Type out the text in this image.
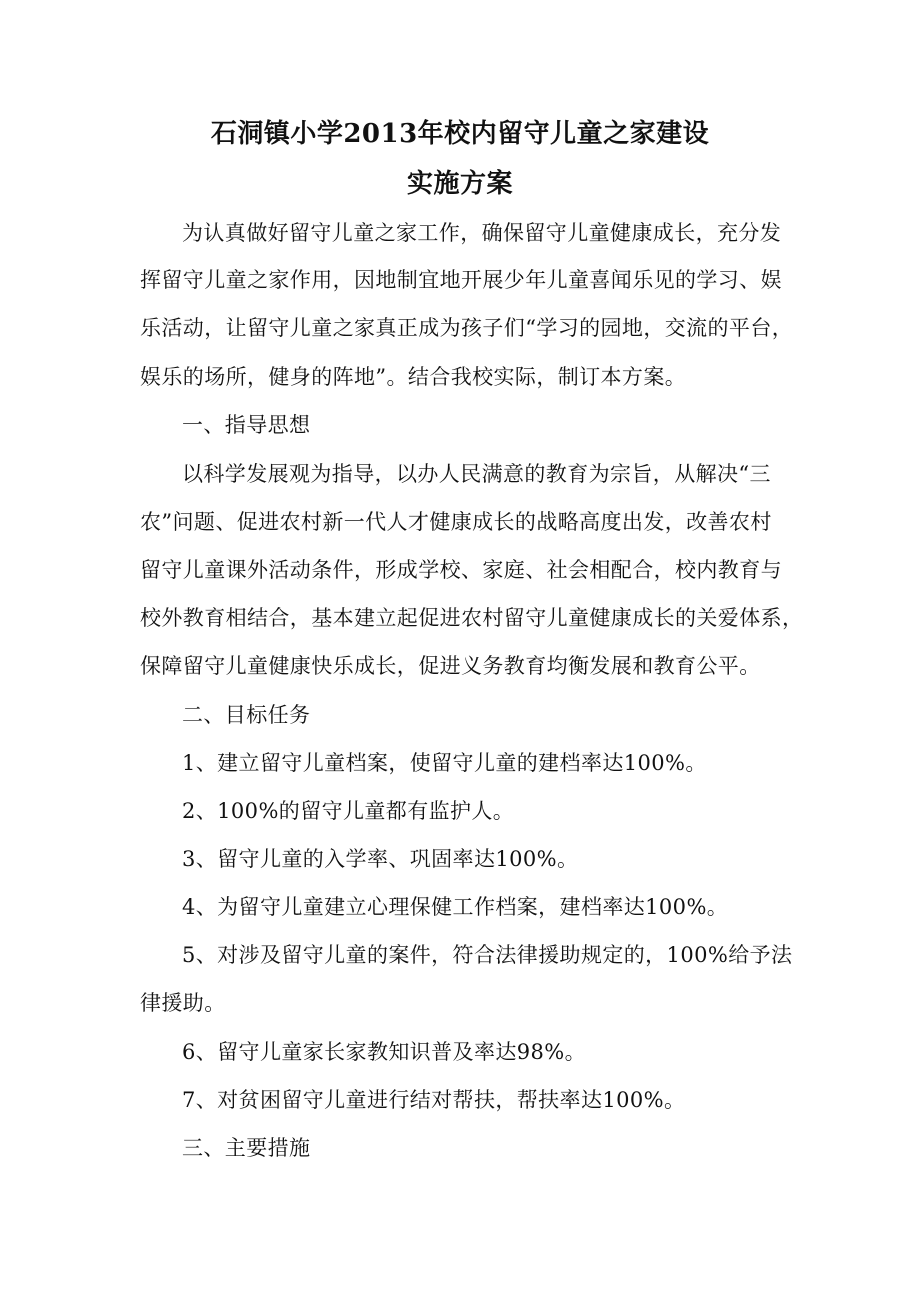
石洞镇小学2013年校内留守儿童之家建设
实施方案
为认真做好留守儿童之家工作，确保留守儿童健康成长，充分发
挥留守儿童之家作用，因地制宜地开展少年儿童喜闻乐见的学习、娱
乐活动，让留守儿童之家真正成为孩子们“学习的园地，交流的平台，
娱乐的场所，健身的阵地”。结合我校实际，制订本方案。
一、指导思想
以科学发展观为指导，以办人民满意的教育为宗旨，从解决“三
农”问题、促进农村新一代人才健康成长的战略高度出发，改善农村
留守儿童课外活动条件，形成学校、家庭、社会相配合，校内教育与
校外教育相结合，基本建立起促进农村留守儿童健康成长的关爱体系，
保障留守儿童健康快乐成长，促进义务教育均衡发展和教育公平。
二、目标任务
1、建立留守儿童档案，使留守儿童的建档率达100%。
2、100%的留守儿童都有监护人。
3、留守儿童的入学率、巩固率达100%。
4、为留守儿童建立心理保健工作档案，建档率达100%。
5、对涉及留守儿童的案件，符合法律援助规定的，100%给予法
律援助。
6、留守儿童家长家教知识普及率达98%。
7、对贫困留守儿童进行结对帮扶，帮扶率达100%。
三、主要措施
